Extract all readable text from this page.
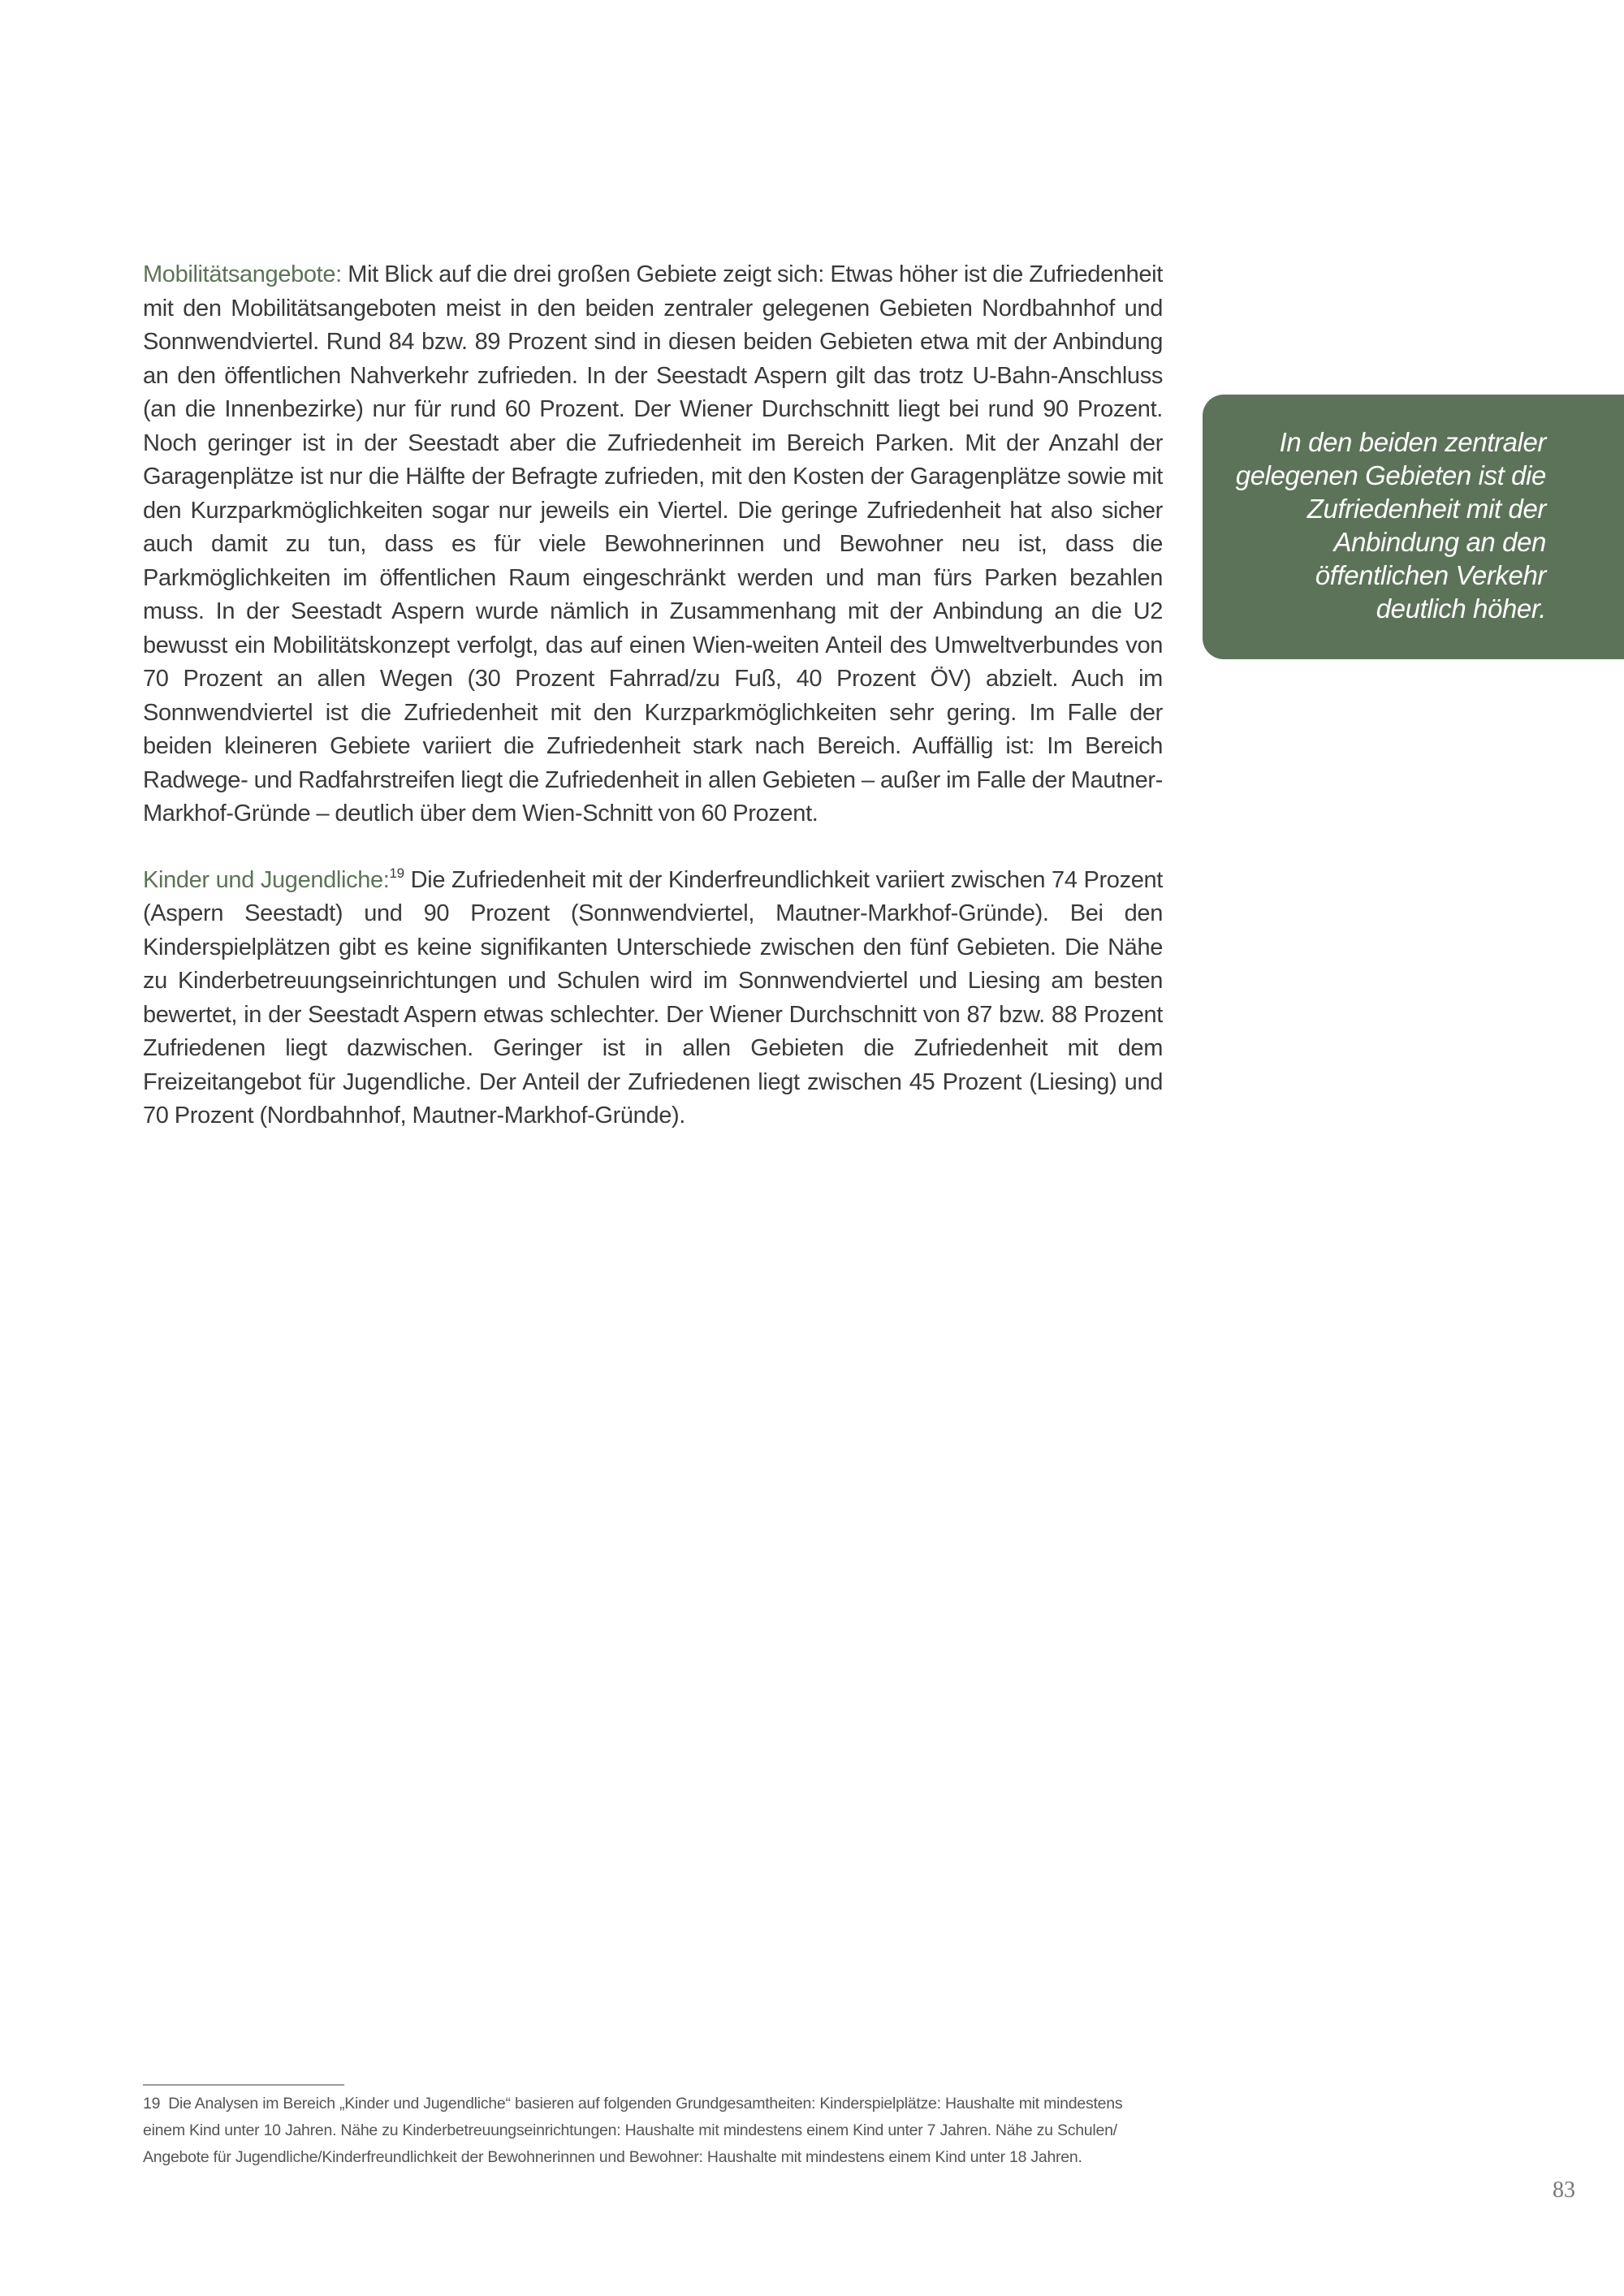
Mobilitätsangebote: Mit Blick auf die drei großen Gebiete zeigt sich: Etwas höher ist die Zufriedenheit mit den Mobilitätsangeboten meist in den beiden zentraler gelegenen Gebieten Nordbahnhof und Sonnwendviertel. Rund 84 bzw. 89 Prozent sind in diesen beiden Gebieten etwa mit der Anbindung an den öffentlichen Nahverkehr zufrieden. In der Seestadt Aspern gilt das trotz U-Bahn-Anschluss (an die Innenbezirke) nur für rund 60 Prozent. Der Wiener Durchschnitt liegt bei rund 90 Prozent. Noch geringer ist in der Seestadt aber die Zufriedenheit im Bereich Parken. Mit der Anzahl der Garagenplätze ist nur die Hälfte der Befragte zufrieden, mit den Kosten der Garagenplätze sowie mit den Kurzparkmöglichkeiten sogar nur jeweils ein Viertel. Die geringe Zufriedenheit hat also sicher auch damit zu tun, dass es für viele Bewohnerinnen und Bewohner neu ist, dass die Parkmöglichkeiten im öffentlichen Raum eingeschränkt werden und man fürs Parken bezahlen muss. In der Seestadt Aspern wurde nämlich in Zusammenhang mit der Anbindung an die U2 bewusst ein Mobilitätskonzept verfolgt, das auf einen Wien-weiten Anteil des Umweltverbundes von 70 Prozent an allen Wegen (30 Prozent Fahrrad/zu Fuß, 40 Prozent ÖV) abzielt. Auch im Sonnwendviertel ist die Zufriedenheit mit den Kurzparkmöglichkeiten sehr gering. Im Falle der beiden kleineren Gebiete variiert die Zufriedenheit stark nach Bereich. Auffällig ist: Im Bereich Radwege- und Radfahrstreifen liegt die Zufriedenheit in allen Gebieten – außer im Falle der Mautner-Markhof-Gründe – deutlich über dem Wien-Schnitt von 60 Prozent.

Kinder und Jugendliche:$^{19}$ Die Zufriedenheit mit der Kinderfreundlichkeit variiert zwischen 74 Prozent (Aspern Seestadt) und 90 Prozent (Sonnwendviertel, Mautner-Markhof-Gründe). Bei den Kinderspielplätzen gibt es keine signifikanten Unterschiede zwischen den fünf Gebieten. Die Nähe zu Kinderbetreuungseinrichtungen und Schulen wird im Sonnwendviertel und Liesing am besten bewertet, in der Seestadt Aspern etwas schlechter. Der Wiener Durchschnitt von 87 bzw. 88 Prozent Zufriedenen liegt dazwischen. Geringer ist in allen Gebieten die Zufriedenheit mit dem Freizeitangebot für Jugendliche. Der Anteil der Zufriedenen liegt zwischen 45 Prozent (Liesing) und 70 Prozent (Nordbahnhof, Mautner-Markhof-Gründe).

In den beiden zentraler gelegenen Gebieten ist die Zufriedenheit mit der Anbindung an den öffentlichen Verkehr deutlich höher.
19 Die Analysen im Bereich „Kinder und Jugendliche“ basieren auf folgenden Grundgesamtheiten: Kinderspielplätze: Haushalte mit mindestens einem Kind unter 10 Jahren. Nähe zu Kinderbetreuungseinrichtungen: Haushalte mit mindestens einem Kind unter 7 Jahren. Nähe zu Schulen/ Angebote für Jugendliche/Kinderfreundlichkeit der Bewohnerinnen und Bewohner: Haushalte mit mindestens einem Kind unter 18 Jahren.
83
